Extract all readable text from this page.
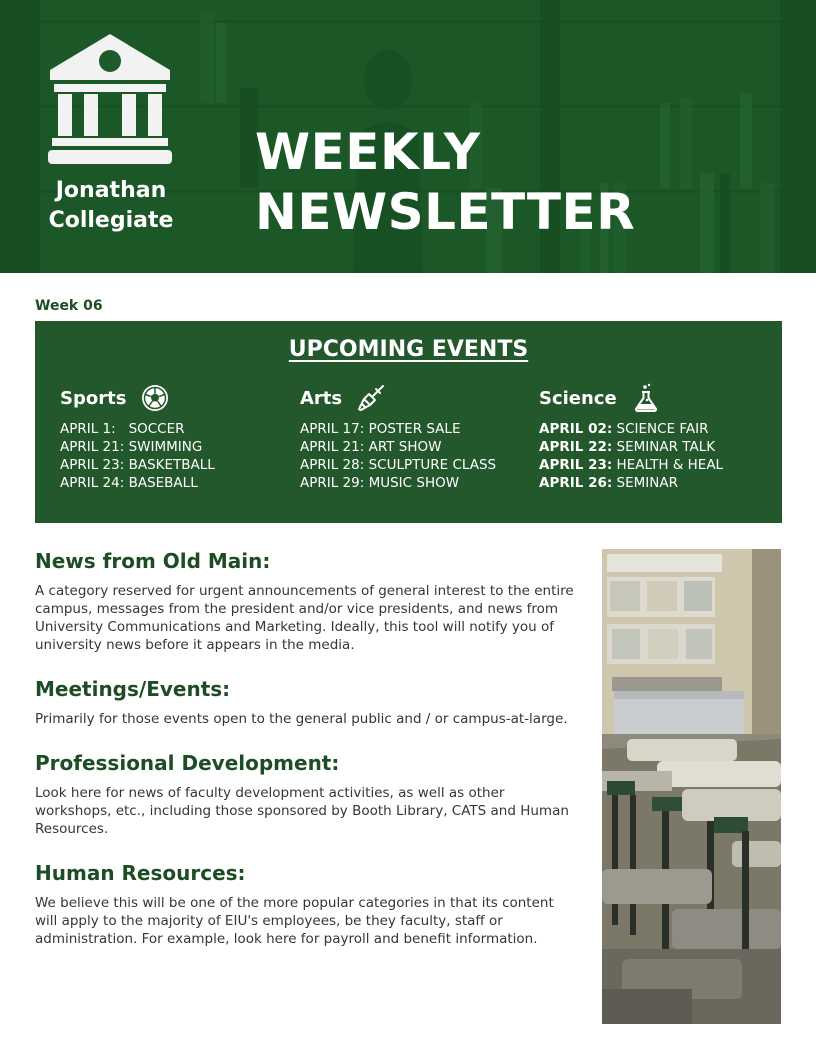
Jonathan
Collegiate
WEEKLY
NEWSLETTER
Week 06
UPCOMING EVENTS
Sports
APRIL 1: SOCCER
APRIL 21: SWIMMING
APRIL 23: BASKETBALL
APRIL 24: BASEBALL
Arts
APRIL 17: POSTER SALE
APRIL 21: ART SHOW
APRIL 28: SCULPTURE CLASS
APRIL 29: MUSIC SHOW
Science
APRIL 02: SCIENCE FAIR
APRIL 22: SEMINAR TALK
APRIL 23: HEALTH & HEAL
APRIL 26: SEMINAR
News from Old Main:

A category reserved for urgent announcements of general interest to the entire campus, messages from the president and/or vice presidents, and news from University Communications and Marketing. Ideally, this tool will notify you of university news before it appears in the media.

Meetings/Events:

Primarily for those events open to the general public and / or campus-at-large.

Professional Development:

Look here for news of faculty development activities, as well as other workshops, etc., including those sponsored by Booth Library, CATS and Human Resources.

Human Resources:

We believe this will be one of the more popular categories in that its content will apply to the majority of EIU's employees, be they faculty, staff or administration. For example, look here for payroll and benefit information.
